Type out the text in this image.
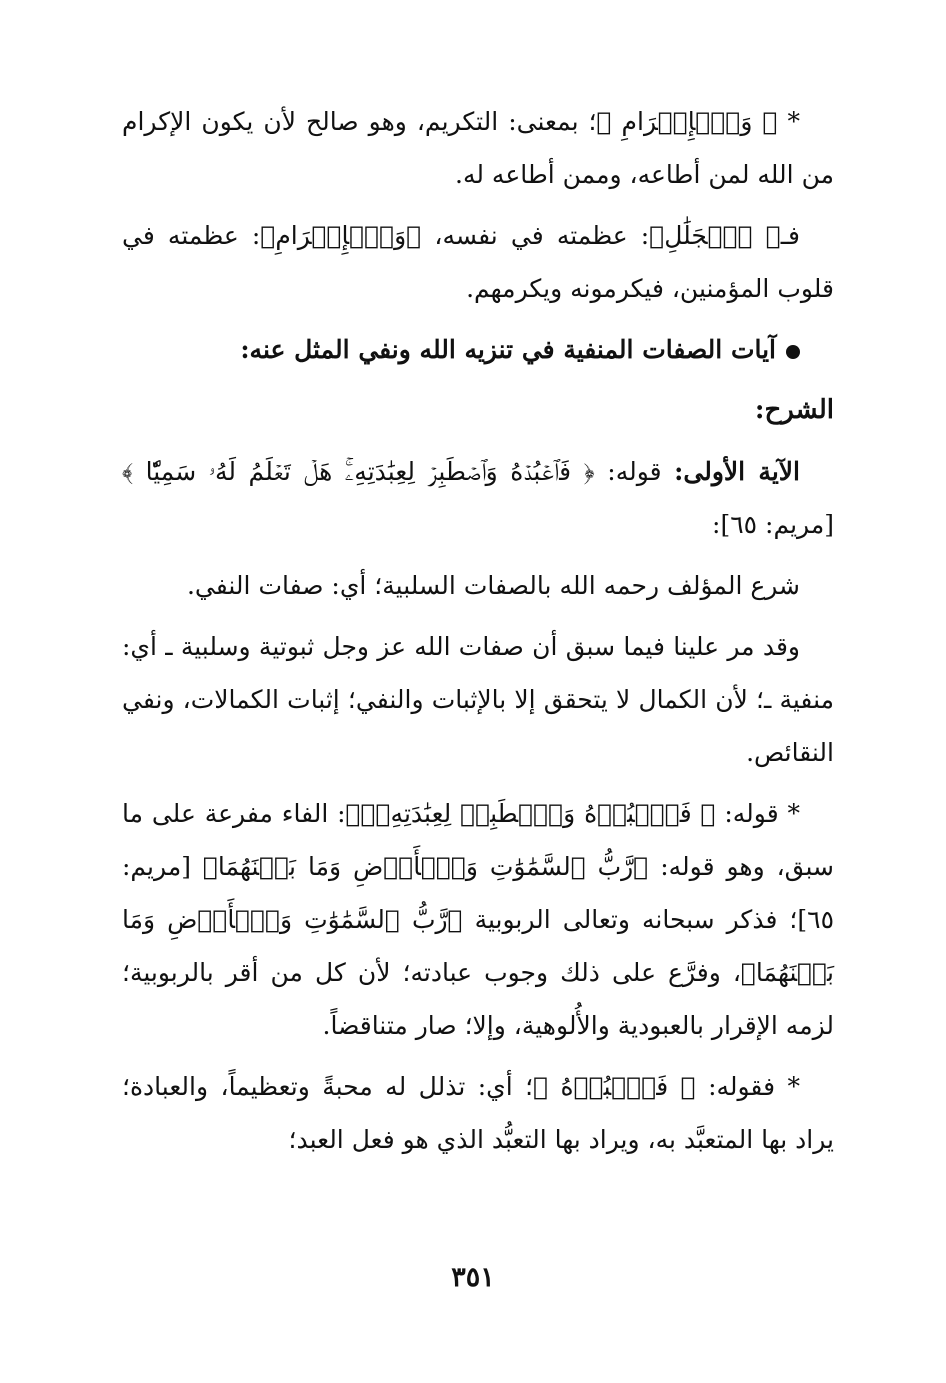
* ﴿ وَٱلۡإِكۡرَامِ ﴾؛ بمعنى: التكريم، وهو صالح لأن يكون الإكرام من الله لمن أطاعه، وممن أطاعه له.

فـ﴿ ٱلۡجَلَٰلِ﴾: عظمته في نفسه، ﴿وَٱلۡإِكۡرَامِ﴾: عظمته في قلوب المؤمنين، فيكرمونه ويكرمهم.

آيات الصفات المنفية في تنزيه الله ونفي المثل عنه:

الشرح:

الآية الأولى: قوله: ﴿ فَٱعۡبُدۡهُ وَٱصۡطَبِرۡ لِعِبَٰدَتِهِۦۚ هَلۡ تَعۡلَمُ لَهُۥ سَمِيّٗا ﴾ [مريم: ٦٥]:

شرع المؤلف رحمه الله بالصفات السلبية؛ أي: صفات النفي.

وقد مر علينا فيما سبق أن صفات الله عز وجل ثبوتية وسلبية ـ أي: منفية ـ؛ لأن الكمال لا يتحقق إلا بالإثبات والنفي؛ إثبات الكمالات، ونفي النقائص.

* قوله: ﴿ فَٱعۡبُدۡهُ وَٱصۡطَبِرۡ لِعِبَٰدَتِهِۦۚ﴾: الفاء مفرعة على ما سبق، وهو قوله: ﴿رَّبُّ ٱلسَّمَٰوَٰتِ وَٱلۡأَرۡضِ وَمَا بَيۡنَهُمَا﴾ [مريم: ٦٥]؛ فذكر سبحانه وتعالى الربوبية ﴿رَّبُّ ٱلسَّمَٰوَٰتِ وَٱلۡأَرۡضِ وَمَا بَيۡنَهُمَا﴾، وفرَّع على ذلك وجوب عبادته؛ لأن كل من أقر بالربوبية؛ لزمه الإقرار بالعبودية والأُلوهية، وإلا؛ صار متناقضاً.

* فقوله: ﴿ فَٱعۡبُدۡهُ ﴾؛ أي: تذلل له محبةً وتعظيماً، والعبادة؛ يراد بها المتعبَّد به، ويراد بها التعبُّد الذي هو فعل العبد؛

٣٥١
